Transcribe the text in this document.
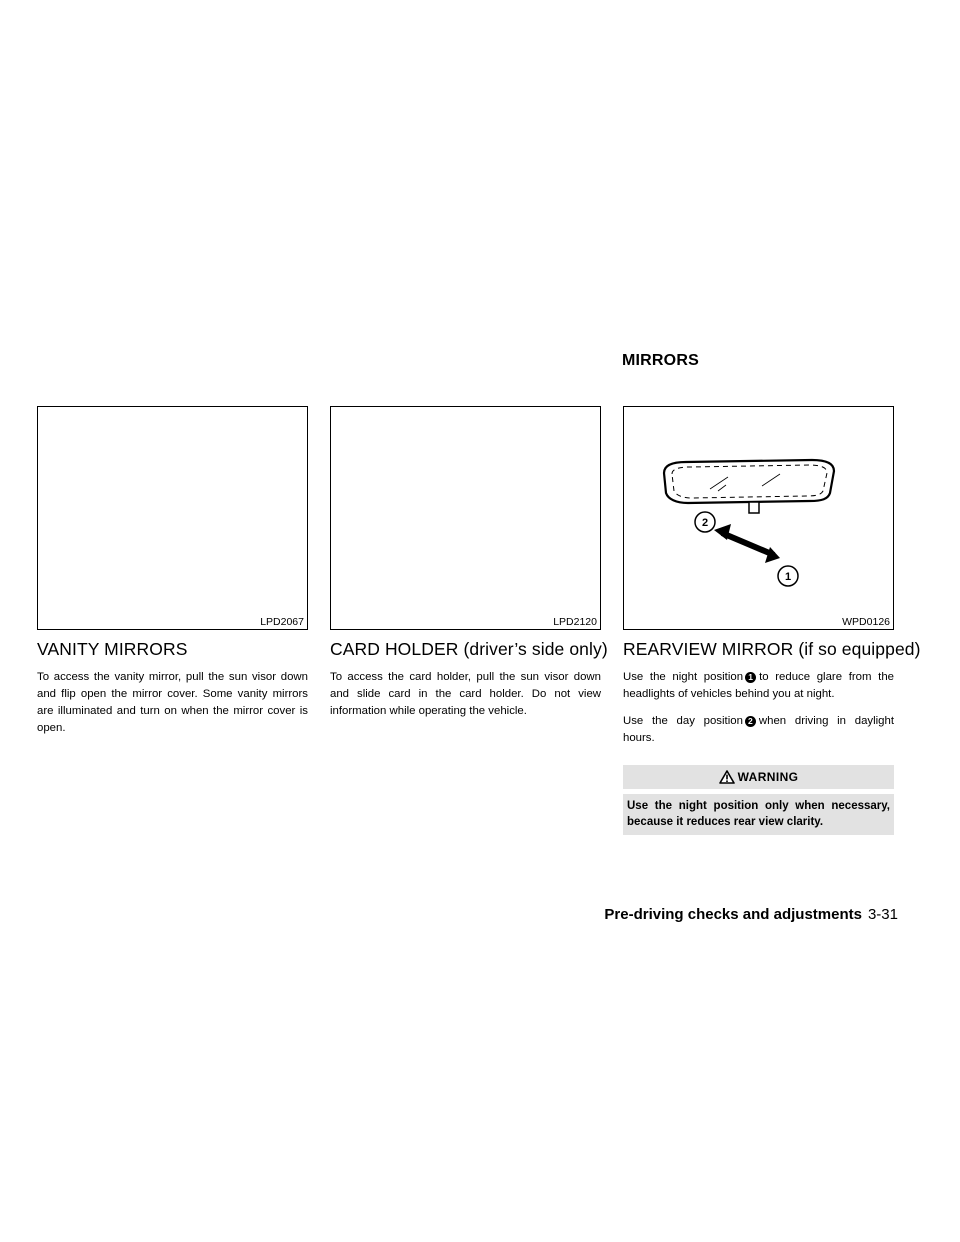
MIRRORS
LPD2067
VANITY MIRRORS

To access the vanity mirror, pull the sun visor down and flip open the mirror cover. Some vanity mirrors are illuminated and turn on when the mirror cover is open.

LPD2120
CARD HOLDER (driver’s side only)

To access the card holder, pull the sun visor down and slide card in the card holder. Do not view information while operating the vehicle.

2
1
WPD0126
REARVIEW MIRROR (if so equipped)

Use the night position 1 to reduce glare from the headlights of vehicles behind you at night.

Use the day position 2 when driving in daylight hours.

WARNING
Use the night position only when necessary, because it reduces rear view clarity.
Pre-driving checks and adjustments 3-31
